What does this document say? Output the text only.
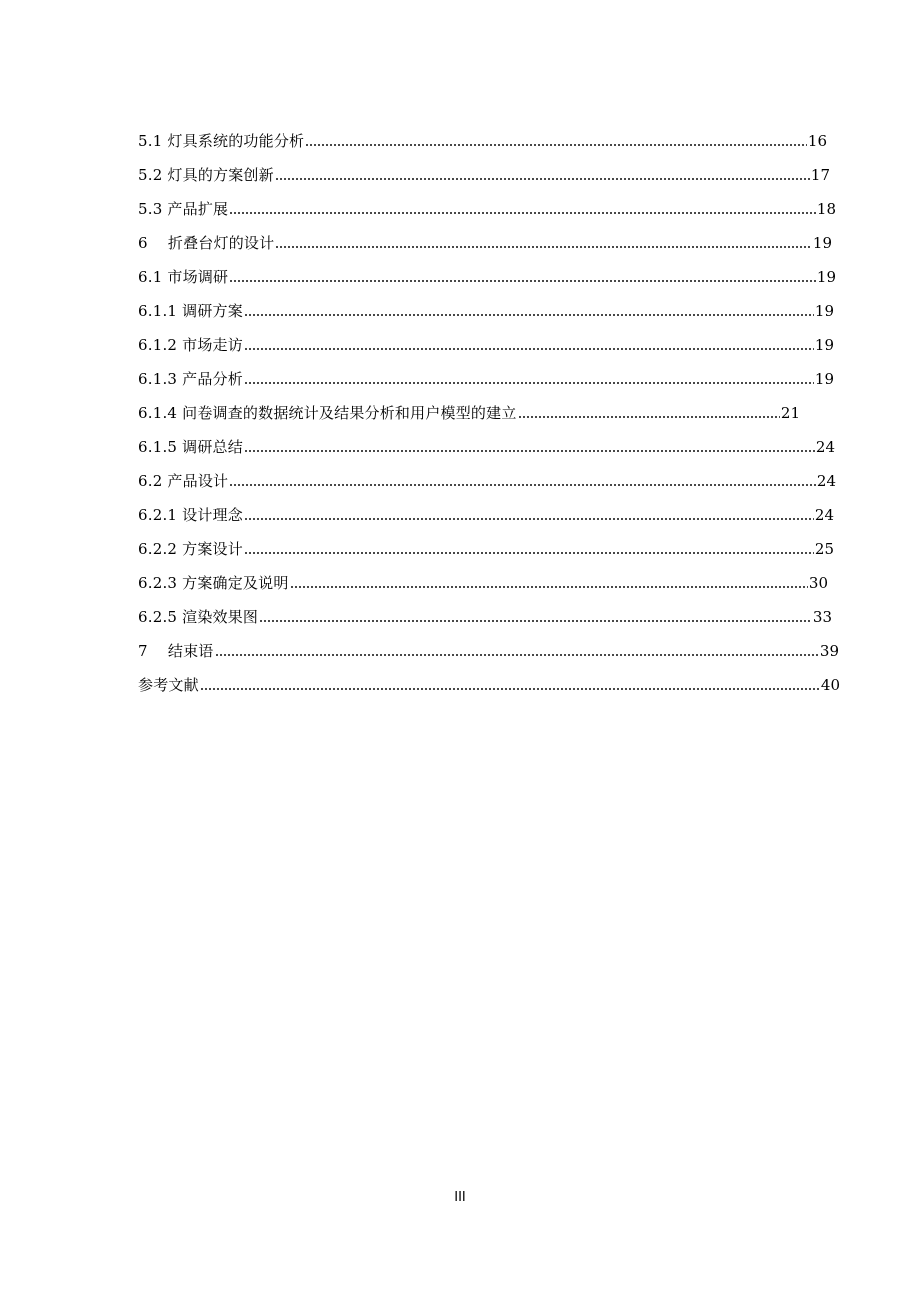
5.1 灯具系统的功能分析	16
5.2 灯具的方案创新	17
5.3 产品扩展	18
6 　折叠台灯的设计	19
6.1 市场调研	19
6.1.1 调研方案	19
6.1.2 市场走访	19
6.1.3 产品分析	19
6.1.4 问卷调查的数据统计及结果分析和用户模型的建立	21
6.1.5 调研总结	24
6.2 产品设计	24
6.2.1 设计理念	24
6.2.2 方案设计	25
6.2.3 方案确定及说明	30
6.2.5 渲染效果图	33
7 　结束语	39
参考文献	40
III
